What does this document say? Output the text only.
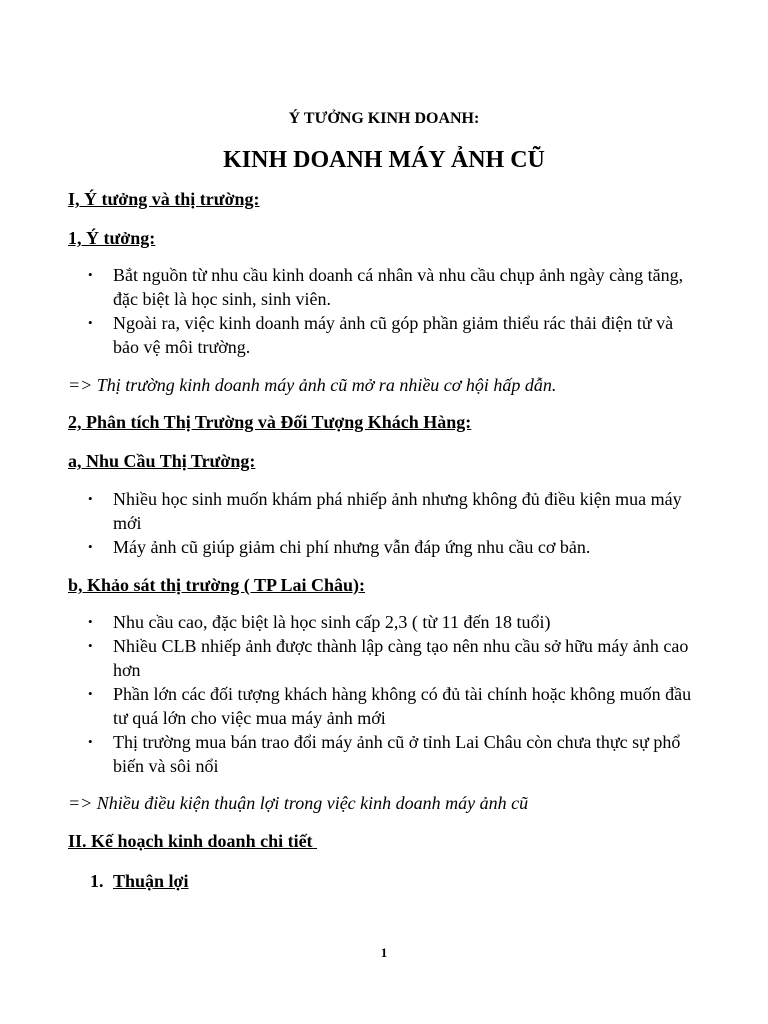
Ý TƯỞNG KINH DOANH:
KINH DOANH MÁY ẢNH CŨ
I, Ý tưởng và thị trường:
1, Ý tưởng:
• Bắt nguồn từ nhu cầu kinh doanh cá nhân và nhu cầu chụp ảnh ngày càng tăng, đặc biệt là học sinh, sinh viên.
• Ngoài ra, việc kinh doanh máy ảnh cũ góp phần giảm thiểu rác thải điện tử và bảo vệ môi trường.
=> Thị trường kinh doanh máy ảnh cũ mở ra nhiều cơ hội hấp dẫn.
2, Phân tích Thị Trường và Đối Tượng Khách Hàng:
a, Nhu Cầu Thị Trường:
• Nhiều học sinh muốn khám phá nhiếp ảnh nhưng không đủ điều kiện mua máy mới
• Máy ảnh cũ giúp giảm chi phí nhưng vẫn đáp ứng nhu cầu cơ bản.
b, Khảo sát thị trường ( TP Lai Châu):
• Nhu cầu cao, đặc biệt là học sinh cấp 2,3 ( từ 11 đến 18 tuổi)
• Nhiều CLB nhiếp ảnh được thành lập càng tạo nên nhu cầu sở hữu máy ảnh cao hơn
• Phần lớn các đối tượng khách hàng không có đủ tài chính hoặc không muốn đầu tư quá lớn cho việc mua máy ảnh mới
• Thị trường mua bán trao đổi máy ảnh cũ ở tỉnh Lai Châu còn chưa thực sự phổ biến và sôi nổi
=> Nhiều điều kiện thuận lợi trong việc kinh doanh máy ảnh cũ
II. Kế hoạch kinh doanh chi tiết
1. Thuận lợi
1
